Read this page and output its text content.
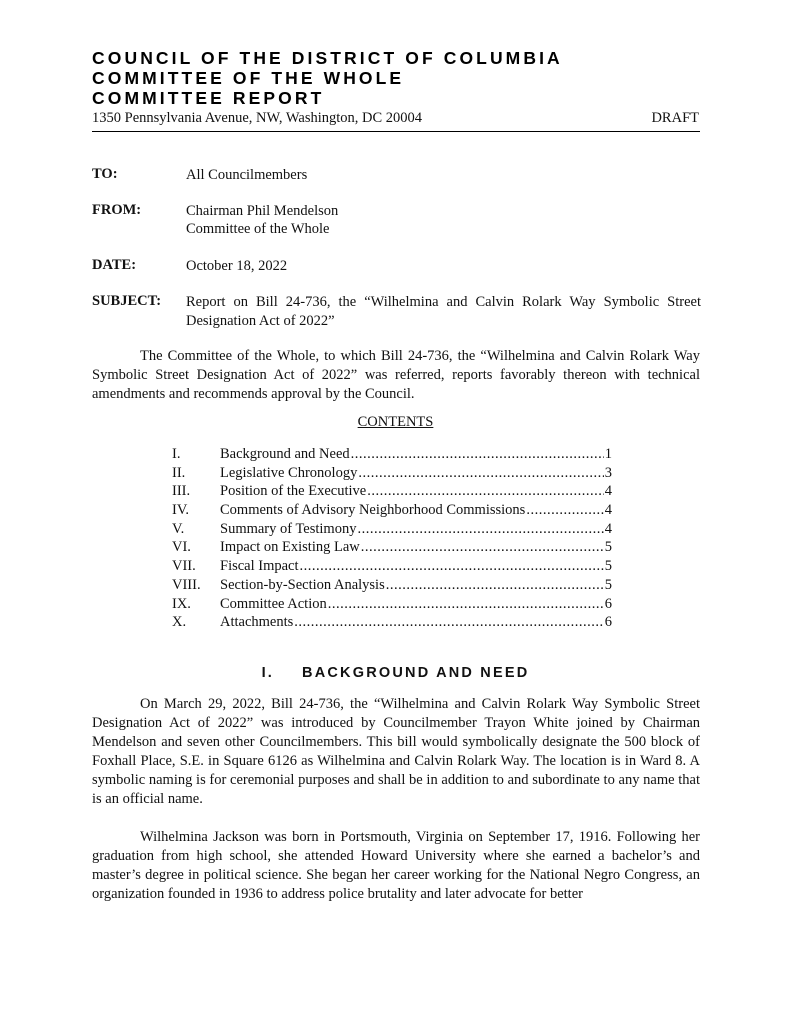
COUNCIL OF THE DISTRICT OF COLUMBIA
COMMITTEE OF THE WHOLE
COMMITTEE REPORT
1350 Pennsylvania Avenue, NW, Washington, DC 20004	DRAFT
TO:	All Councilmembers
FROM:	Chairman Phil Mendelson
Committee of the Whole
DATE:	October 18, 2022
SUBJECT: Report on Bill 24-736, the “Wilhelmina and Calvin Rolark Way Symbolic Street Designation Act of 2022”
The Committee of the Whole, to which Bill 24-736, the “Wilhelmina and Calvin Rolark Way Symbolic Street Designation Act of 2022” was referred, reports favorably thereon with technical amendments and recommends approval by the Council.
CONTENTS
I.	Background and Need .....	1
II.	Legislative Chronology .....	3
III.	Position of the Executive .....	4
IV.	Comments of Advisory Neighborhood Commissions .....	4
V.	Summary of Testimony .....	4
VI.	Impact on Existing Law .....	5
VII.	Fiscal Impact .....	5
VIII.	Section-by-Section Analysis .....	5
IX.	Committee Action .....	6
X.	Attachments .....	6
I. BACKGROUND AND NEED
On March 29, 2022, Bill 24-736, the “Wilhelmina and Calvin Rolark Way Symbolic Street Designation Act of 2022” was introduced by Councilmember Trayon White joined by Chairman Mendelson and seven other Councilmembers. This bill would symbolically designate the 500 block of Foxhall Place, S.E. in Square 6126 as Wilhelmina and Calvin Rolark Way. The location is in Ward 8. A symbolic naming is for ceremonial purposes and shall be in addition to and subordinate to any name that is an official name.
Wilhelmina Jackson was born in Portsmouth, Virginia on September 17, 1916. Following her graduation from high school, she attended Howard University where she earned a bachelor’s and master’s degree in political science. She began her career working for the National Negro Congress, an organization founded in 1936 to address police brutality and later advocate for better
